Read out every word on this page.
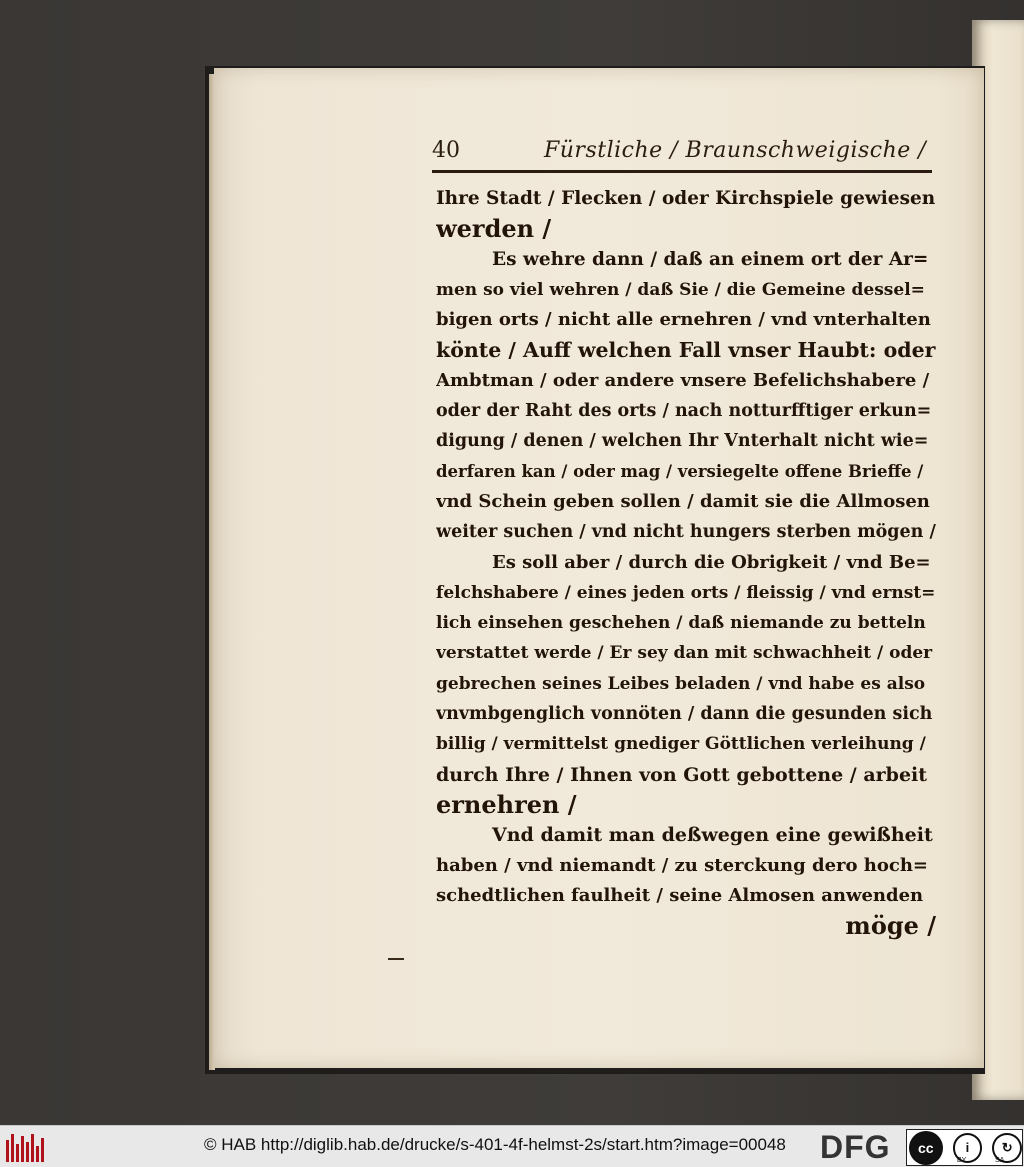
40	Fürstliche / Braunschweigische /
Ihre Stadt / Flecken / oder Kirchspiele gewiesen
werden /
Es wehre dann / daß an einem ort der Ar=
men so viel wehren / daß Sie / die Gemeine dessel=
bigen orts / nicht alle ernehren / vnd vnterhalten
könte / Auff welchen Fall vnser Haubt: oder
Ambtman / oder andere vnsere Befelichshabere /
oder der Raht des orts / nach notturfftiger erkun=
digung / denen / welchen Ihr Vnterhalt nicht wie=
derfaren kan / oder mag / versiegelte offene Brieffe /
vnd Schein geben sollen / damit sie die Allmosen
weiter suchen / vnd nicht hungers sterben mögen /
Es soll aber / durch die Obrigkeit / vnd Be=
felchshabere / eines jeden orts / fleissig / vnd ernst=
lich einsehen geschehen / daß niemande zu betteln
verstattet werde / Er sey dan mit schwachheit / oder
gebrechen seines Leibes beladen / vnd habe es also
vnvmbgenglich vonnöten / dann die gesunden sich
billig / vermittelst gnediger Göttlichen verleihung /
durch Ihre / Ihnen von Gott gebottene / arbeit
ernehren /
Vnd damit man deßwegen eine gewißheit
haben / vnd niemandt / zu sterckung dero hoch=
schedtlichen faulheit / seine Almosen anwenden
möge /
© HAB http://diglib.hab.de/drucke/s-401-4f-helmst-2s/start.htm?image=00048 DFG	cc	i	↻
BY	SA
